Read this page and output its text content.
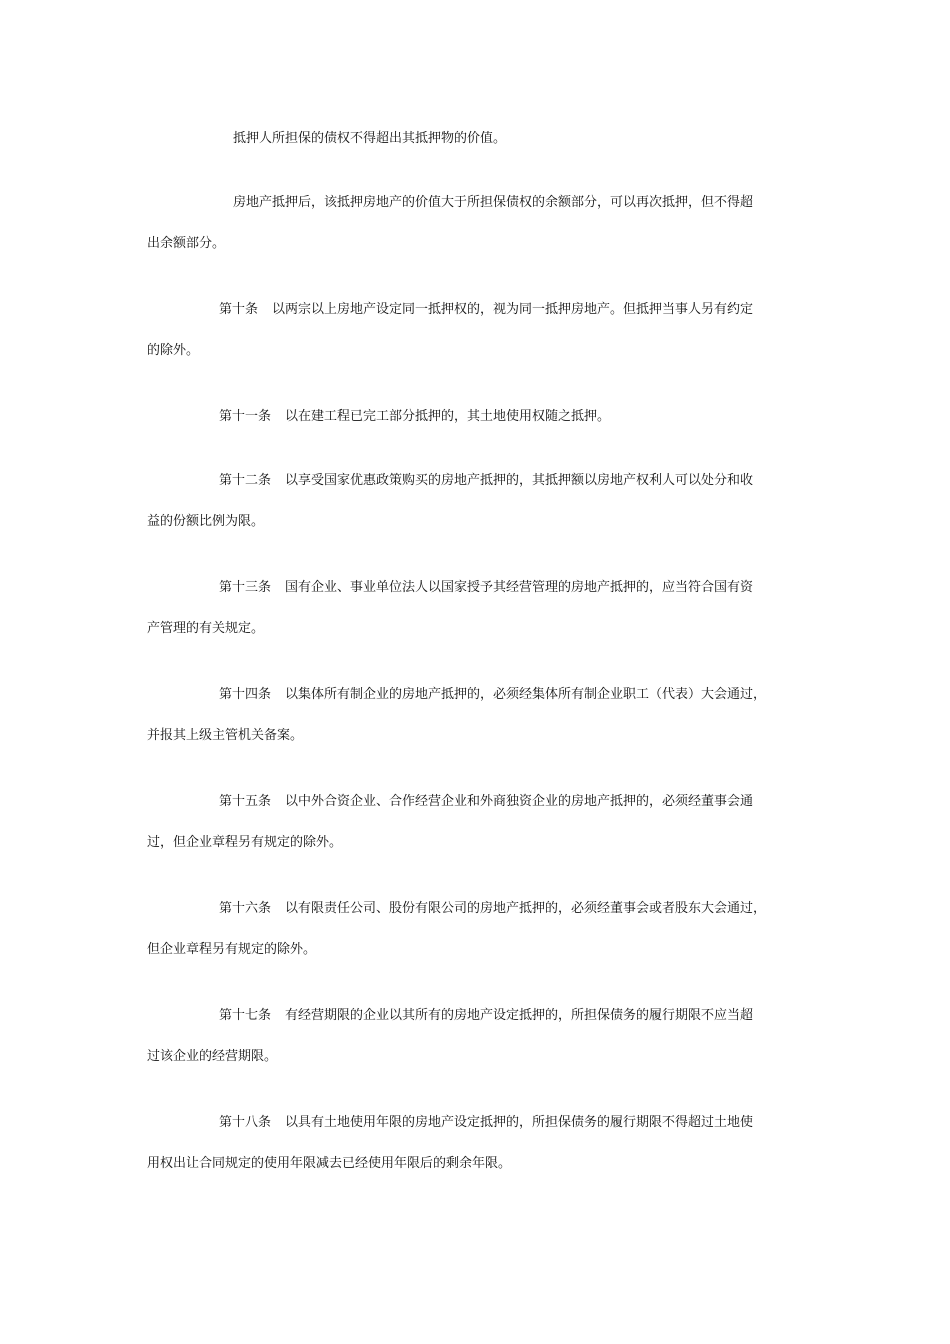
抵押人所担保的债权不得超出其抵押物的价值。

房地产抵押后，该抵押房地产的价值大于所担保债权的余额部分，可以再次抵押，但不得超
出余额部分。

第十条 以两宗以上房地产设定同一抵押权的，视为同一抵押房地产。但抵押当事人另有约定
的除外。

第十一条 以在建工程已完工部分抵押的，其土地使用权随之抵押。

第十二条 以享受国家优惠政策购买的房地产抵押的，其抵押额以房地产权利人可以处分和收
益的份额比例为限。

第十三条 国有企业、事业单位法人以国家授予其经营管理的房地产抵押的，应当符合国有资
产管理的有关规定。

第十四条 以集体所有制企业的房地产抵押的，必须经集体所有制企业职工（代表）大会通过，
并报其上级主管机关备案。

第十五条 以中外合资企业、合作经营企业和外商独资企业的房地产抵押的，必须经董事会通
过，但企业章程另有规定的除外。

第十六条 以有限责任公司、股份有限公司的房地产抵押的，必须经董事会或者股东大会通过，
但企业章程另有规定的除外。

第十七条 有经营期限的企业以其所有的房地产设定抵押的，所担保债务的履行期限不应当超
过该企业的经营期限。

第十八条 以具有土地使用年限的房地产设定抵押的，所担保债务的履行期限不得超过土地使
用权出让合同规定的使用年限减去已经使用年限后的剩余年限。
